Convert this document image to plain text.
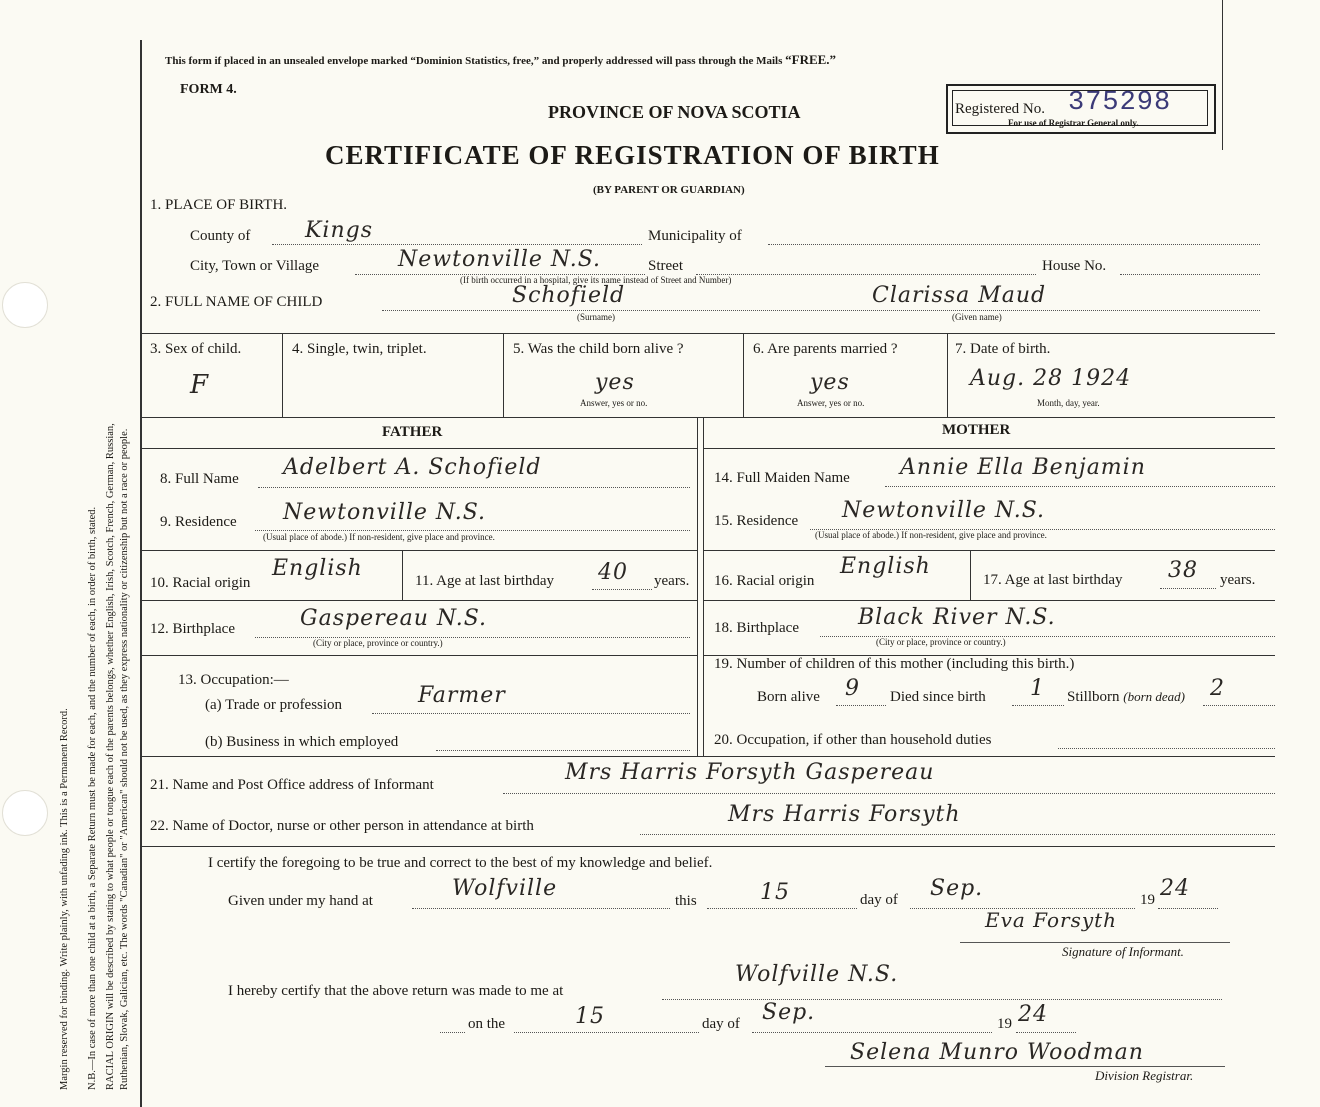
Margin reserved for binding. Write plainly, with unfading ink. This is a Permanent Record. N.B.—In case of more than one child at a birth, a Separate Return must be made for each, and the number of each, in order of birth, stated. RACIAL ORIGIN will be described by stating to what people or tongue each of the parents belongs, whether English, Irish, Scotch, French, German, Russian, Ruthenian, Slovak, Galician, etc. The words "Canadian" or "American" should not be used, as they express nationality or citizenship but not a race or people.
This form if placed in an unsealed envelope marked “Dominion Statistics, free,” and properly addressed will pass through the Mails “FREE.”
FORM 4.
PROVINCE OF NOVA SCOTIA
CERTIFICATE OF REGISTRATION OF BIRTH
(BY PARENT OR GUARDIAN)
Registered No. 375298
For use of Registrar General only.
1. PLACE OF BIRTH.
County of Kings	Municipality of
City, Town or Village	Newtonville N.S.	Street	House No.
(If birth occurred in a hospital, give its name instead of Street and Number)
2. FULL NAME OF CHILD	Schofield
(Surname)
Clarissa Maud
(Given name)
3. Sex of child.
F
4. Single, twin, triplet.	5. Was the child born alive ?
yes
Answer, yes or no.
6. Are parents married ?
yes
Answer, yes or no.
7. Date of birth.
Aug. 28 1924
Month, day, year.
FATHER	MOTHER
8. Full Name Adelbert A. Schofield
9. Residence Newtonville N.S.
(Usual place of abode.) If non-resident, give place and province.
10. Racial origin
English	11. Age at last birthday 40 years.
12. Birthplace	Gaspereau N.S.
(City or place, province or country.)
13. Occupation:—
(a) Trade or profession	Farmer
(b) Business in which employed
14. Full Maiden Name Annie Ella Benjamin
15. Residence Newtonville N.S.
(Usual place of abode.) If non-resident, give place and province.
16. Racial origin
English
17. Age at last birthday 38 years.
18. Birthplace	Black River N.S.
(City or place, province or country.)
19. Number of children of this mother (including this birth.)
Born alive 9 Died since birth 1 Stillborn (born dead) 2
20. Occupation, if other than household duties
21. Name and Post Office address of Informant	Mrs Harris Forsyth Gaspereau
22. Name of Doctor, nurse or other person in attendance at birth	Mrs Harris Forsyth
I certify the foregoing to be true and correct to the best of my knowledge and belief.
Given under my hand at	Wolfville	this	15	day of Sep.	19 24
Eva Forsyth
Signature of Informant.
I hereby certify that the above return was made to me at
Wolfville N.S.
on the	15	day of Sep.	19 24
Selena Munro Woodman
Division Registrar.
